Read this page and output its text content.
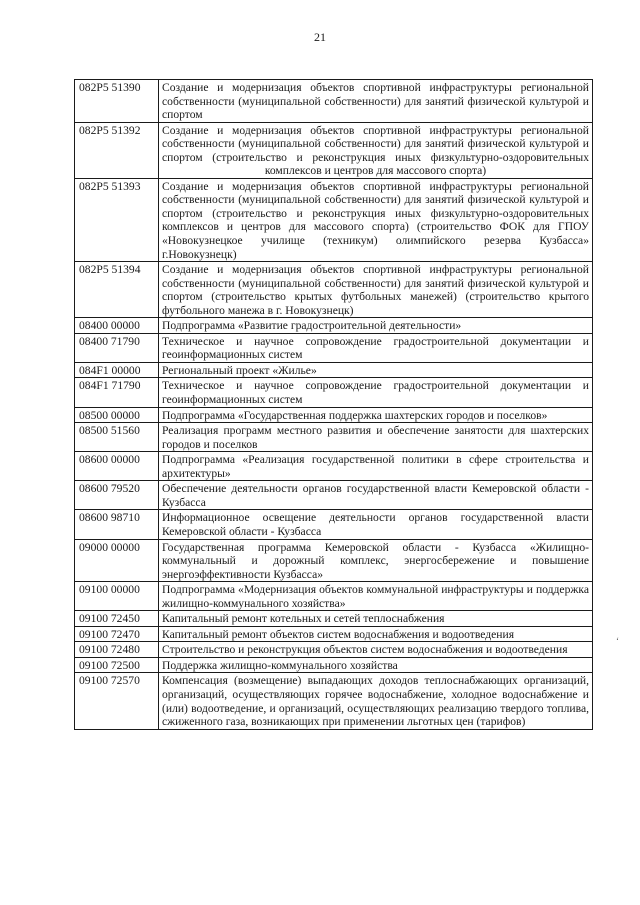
21
082P5 51390	Создание и модернизация объектов спортивной инфраструктуры региональной собственности (муниципальной собственности) для занятий физической культурой и спортом
082P5 51392	Создание и модернизация объектов спортивной инфраструктуры региональной собственности (муниципальной собственности) для занятий физической культурой и спортом (строительство и реконструкция иных физкультурно-оздоровительных комплексов и центров для массового спорта)
082P5 51393	Создание и модернизация объектов спортивной инфраструктуры региональной собственности (муниципальной собственности) для занятий физической культурой и спортом (строительство и реконструкция иных физкультурно-оздоровительных комплексов и центров для массового спорта) (строительство ФОК для ГПОУ «Новокузнецкое училище (техникум) олимпийского резерва Кузбасса» г.Новокузнецк)
082P5 51394	Создание и модернизация объектов спортивной инфраструктуры региональной собственности (муниципальной собственности) для занятий физической культурой и спортом (строительство крытых футбольных манежей) (строительство крытого футбольного манежа в г. Новокузнецк)
08400 00000	Подпрограмма «Развитие градостроительной деятельности»
08400 71790	Техническое и научное сопровождение градостроительной документации и геоинформационных систем
084F1 00000	Региональный проект «Жилье»
084F1 71790	Техническое и научное сопровождение градостроительной документации и геоинформационных систем
08500 00000	Подпрограмма «Государственная поддержка шахтерских городов и поселков»
08500 51560	Реализация программ местного развития и обеспечение занятости для шахтерских городов и поселков
08600 00000	Подпрограмма «Реализация государственной политики в сфере строительства и архитектуры»
08600 79520	Обеспечение деятельности органов государственной власти Кемеровской области - Кузбасса
08600 98710	Информационное освещение деятельности органов государственной власти Кемеровской области - Кузбасса
09000 00000	Государственная программа Кемеровской области - Кузбасса «Жилищно-коммунальный и дорожный комплекс, энергосбережение и повышение энергоэффективности Кузбасса»
09100 00000	Подпрограмма «Модернизация объектов коммунальной инфраструктуры и поддержка жилищно-коммунального хозяйства»
09100 72450	Капитальный ремонт котельных и сетей теплоснабжения
09100 72470	Капитальный ремонт объектов систем водоснабжения и водоотведения
09100 72480	Строительство и реконструкция объектов систем водоснабжения и водоотведения
09100 72500	Поддержка жилищно-коммунального хозяйства
09100 72570	Компенсация (возмещение) выпадающих доходов теплоснабжающих организаций, организаций, осуществляющих горячее водоснабжение, холодное водоснабжение и (или) водоотведение, и организаций, осуществляющих реализацию твердого топлива, сжиженного газа, возникающих при применении льготных цен (тарифов)
‘
